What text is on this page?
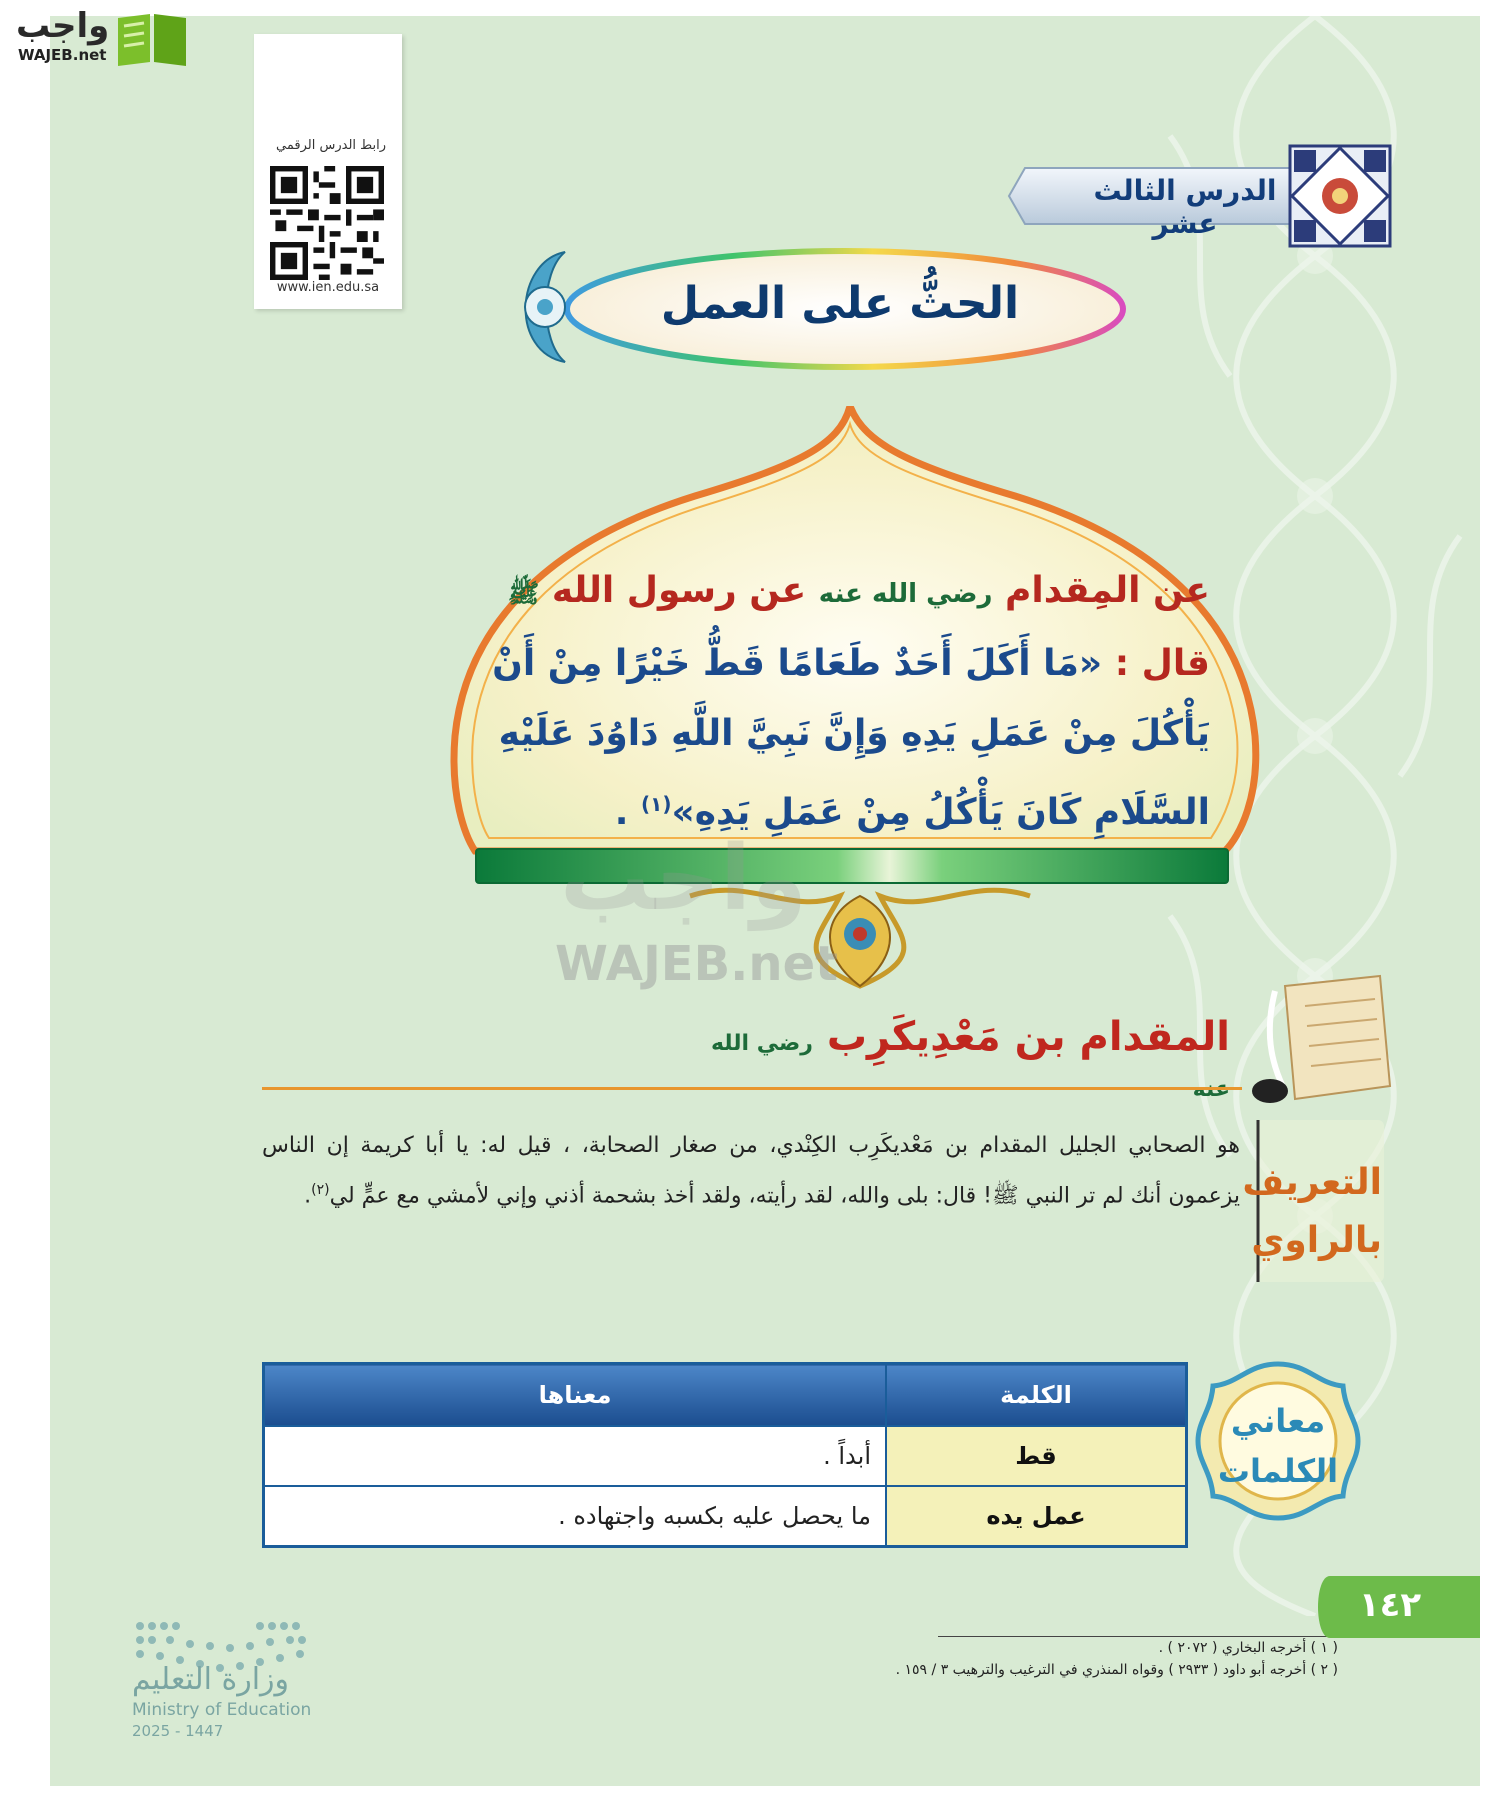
رابط الدرس الرقمي
www.ien.edu.sa
الدرس الثالث عشر
الحثُّ على العمل
عن المِقدام رضي الله عنه عن رسول الله ﷺ
قال : «مَا أَكَلَ أَحَدٌ طَعَامًا قَطُّ خَيْرًا مِنْ أَنْ يَأْكُلَ مِنْ عَمَلِ يَدِهِ وَإِنَّ نَبِيَّ اللَّهِ دَاوُدَ عَلَيْهِ السَّلَامِ كَانَ يَأْكُلُ مِنْ عَمَلِ يَدِهِ»$^{(١)}$ .
واجب
WAJEB.net
المقدام بن مَعْدِيكَرِب رضي الله
التعريف
بالراوي
هو الصحابي الجليل المقدام بن مَعْديكَرِب الكِنْدي، من صغار الصحابة، ، قيل له: يا أبا كريمة إن الناس يزعمون أنك لم تر النبي ﷺ! قال: بلى والله، لقد رأيته، ولقد أخذ بشحمة أذني وإني لأمشي مع عمٍّ لي$^{(٢)}$.
معناها	الكلمة
أبداً .	قط
ما يحصل عليه بكسبه واجتهاده .	عمل يده
معاني
الكلمات
( ١ ) أخرجه البخاري ( ٢٠٧٢ ) .
( ٢ ) أخرجه أبو داود ( ٢٩٣٣ ) وقواه المنذري في الترغيب والترهيب ٣ / ١٥٩ .
وزارة التعليم
Ministry of Education
2025 - 1447
١٤٢
واجب
WAJEB.net
